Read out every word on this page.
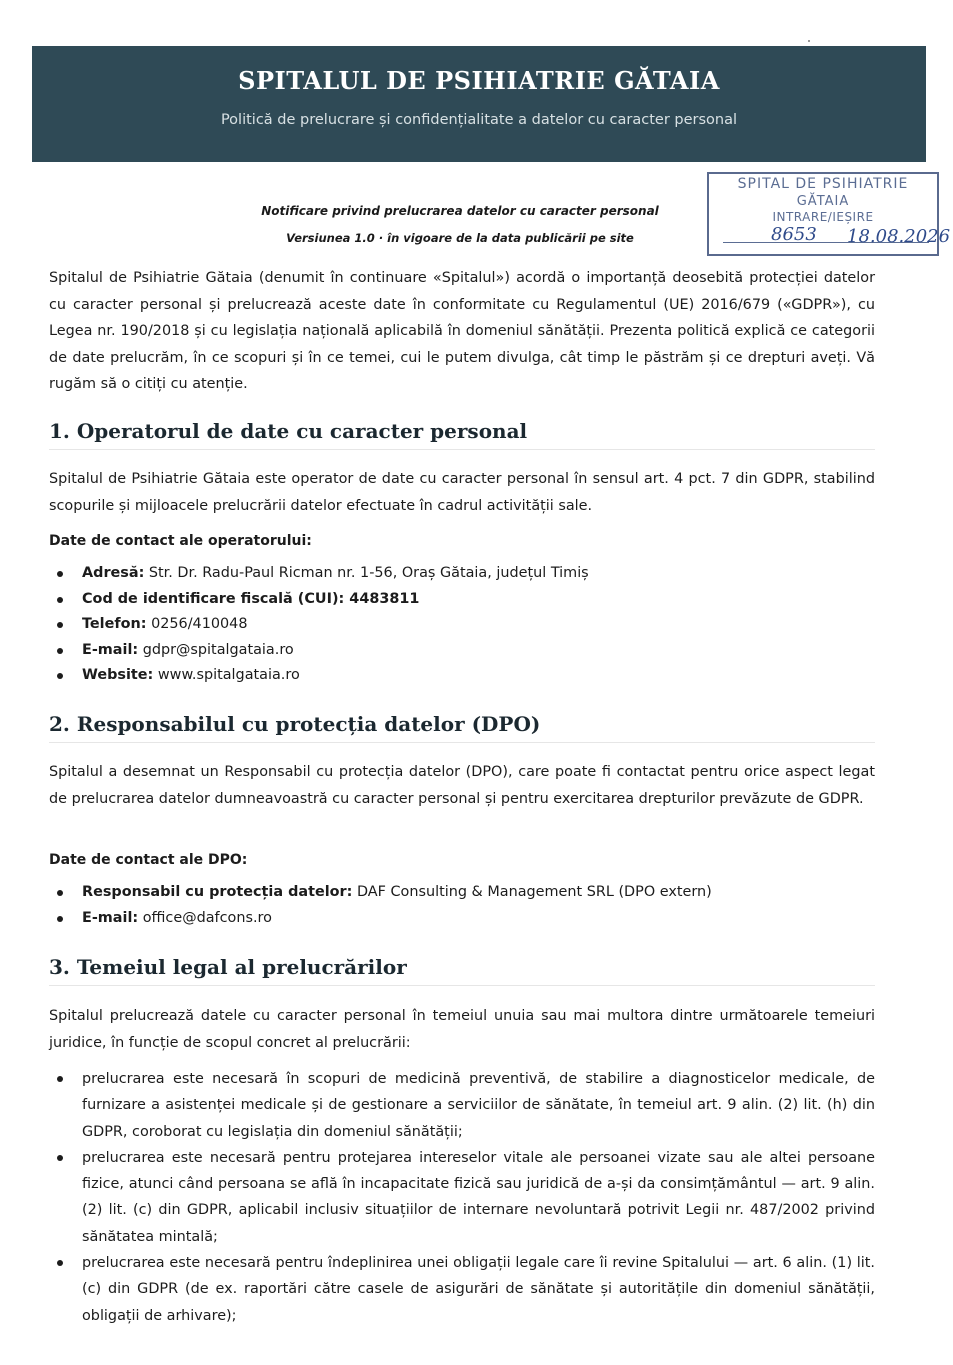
SPITALUL DE PSIHIATRIE GĂTAIA
Politică de prelucrare și confidențialitate a datelor cu caracter personal
Notificare privind prelucrarea datelor cu caracter personal
Versiunea 1.0 · în vigoare de la data publicării pe site
SPITAL DE PSIHIATRIE
GĂTAIA
INTRARE/IEȘIRE
8653 18.08.2026

Spitalul de Psihiatrie Gătaia (denumit în continuare «Spitalul») acordă o importanță deosebită protecției datelor cu caracter personal și prelucrează aceste date în conformitate cu Regulamentul (UE) 2016/679 («GDPR»), cu Legea nr. 190/2018 și cu legislația națională aplicabilă în domeniul sănătății. Prezenta politică explică ce categorii de date prelucrăm, în ce scopuri și în ce temei, cui le putem divulga, cât timp le păstrăm și ce drepturi aveți. Vă rugăm să o citiți cu atenție.

1. Operatorul de date cu caracter personal

Spitalul de Psihiatrie Gătaia este operator de date cu caracter personal în sensul art. 4 pct. 7 din GDPR, stabilind scopurile și mijloacele prelucrării datelor efectuate în cadrul activității sale.

Date de contact ale operatorului:

Adresă: Str. Dr. Radu-Paul Ricman nr. 1-56, Oraș Gătaia, județul Timiș
Cod de identificare fiscală (CUI): 4483811
Telefon: 0256/410048
E-mail: gdpr@spitalgataia.ro
Website: www.spitalgataia.ro
2. Responsabilul cu protecția datelor (DPO)

Spitalul a desemnat un Responsabil cu protecția datelor (DPO), care poate fi contactat pentru orice aspect legat de prelucrarea datelor dumneavoastră cu caracter personal și pentru exercitarea drepturilor prevăzute de GDPR.

Date de contact ale DPO:

Responsabil cu protecția datelor: DAF Consulting & Management SRL (DPO extern)
E-mail: office@dafcons.ro
3. Temeiul legal al prelucrărilor

Spitalul prelucrează datele cu caracter personal în temeiul unuia sau mai multora dintre următoarele temeiuri juridice, în funcție de scopul concret al prelucrării:

prelucrarea este necesară în scopuri de medicină preventivă, de stabilire a diagnosticelor medicale, de furnizare a asistenței medicale și de gestionare a serviciilor de sănătate, în temeiul art. 9 alin. (2) lit. (h) din GDPR, coroborat cu legislația din domeniul sănătății;
prelucrarea este necesară pentru protejarea intereselor vitale ale persoanei vizate sau ale altei persoane fizice, atunci când persoana se află în incapacitate fizică sau juridică de a-și da consimțământul — art. 9 alin. (2) lit. (c) din GDPR, aplicabil inclusiv situațiilor de internare nevoluntară potrivit Legii nr. 487/2002 privind sănătatea mintală;
prelucrarea este necesară pentru îndeplinirea unei obligații legale care îi revine Spitalului — art. 6 alin. (1) lit. (c) din GDPR (de ex. raportări către casele de asigurări de sănătate și autoritățile din domeniul sănătății, obligații de arhivare);
